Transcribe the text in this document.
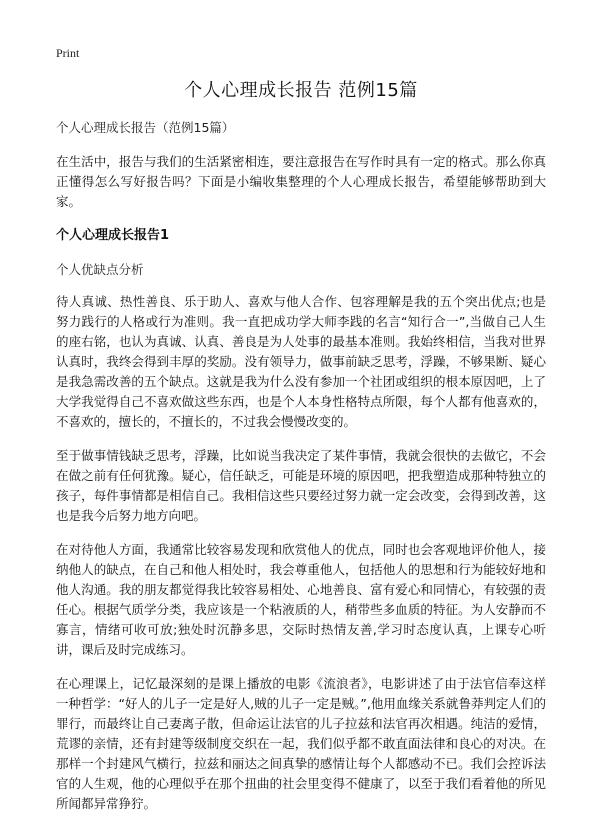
Print
个人心理成长报告 范例15篇
个人心理成长报告（范例15篇）

在生活中，报告与我们的生活紧密相连，要注意报告在写作时具有一定的格式。那么你真正懂得怎么写好报告吗？下面是小编收集整理的个人心理成长报告，希望能够帮助到大家。

个人心理成长报告1
个人优缺点分析

待人真诚、热性善良、乐于助人、喜欢与他人合作、包容理解是我的五个突出优点;也是努力践行的人格或行为准则。我一直把成功学大师李践的名言“知行合一”,当做自己人生的座右铭，也认为真诚、认真、善良是为人处事的最基本准则。我始终相信，当我对世界认真时，我终会得到丰厚的奖励。没有领导力，做事前缺乏思考，浮躁，不够果断、疑心是我急需改善的五个缺点。这就是我为什么没有参加一个社团或组织的根本原因吧，上了大学我觉得自己不喜欢做这些东西，也是个人本身性格特点所限，每个人都有他喜欢的，不喜欢的，擅长的，不擅长的，不过我会慢慢改变的。

至于做事情钱缺乏思考，浮躁，比如说当我决定了某件事情，我就会很快的去做它，不会在做之前有任何犹豫。疑心，信任缺乏，可能是环境的原因吧，把我塑造成那种特独立的孩子，每件事情都是相信自己。我相信这些只要经过努力就一定会改变，会得到改善，这也是我今后努力地方向吧。

在对待他人方面，我通常比较容易发现和欣赏他人的优点，同时也会客观地评价他人，接纳他人的缺点，在自己和他人相处时，我会尊重他人，包括他人的思想和行为能较好地和他人沟通。我的朋友都觉得我比较容易相处、心地善良、富有爱心和同情心，有较强的责任心。根据气质学分类，我应该是一个粘液质的人，稍带些多血质的特征。为人安静而不寡言，情绪可收可放;独处时沉静多思，交际时热情友善,学习时态度认真，上课专心听讲，课后及时完成练习。

在心理课上，记忆最深刻的是课上播放的电影《流浪者》，电影讲述了由于法官信奉这样一种哲学：“好人的儿子一定是好人,贼的儿子一定是贼。”,他用血缘关系就鲁莽判定人们的罪行，而最终让自己妻离子散，但命运让法官的儿子拉兹和法官再次相遇。纯洁的爱情，荒谬的亲情，还有封建等级制度交织在一起，我们似乎都不敢直面法律和良心的对决。在那样一个封建风气横行，拉兹和丽达之间真挚的感情让每个人都感动不已。我们会控诉法官的人生观，他的心理似乎在那个扭曲的社会里变得不健康了，以至于我们看着他的所见所闻都异常狰狞。
